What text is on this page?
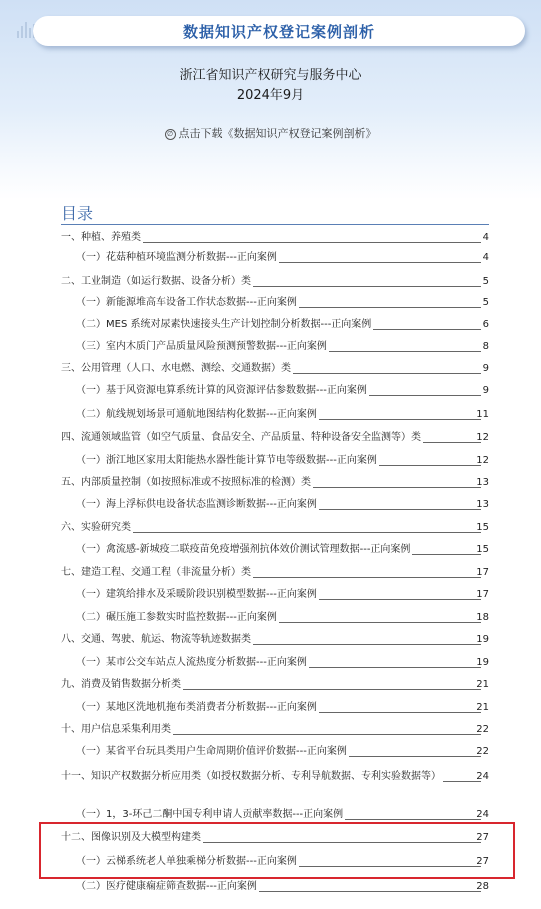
数据知识产权登记案例剖析
浙江省知识产权研究与服务中心
2024年9月
∅ 点击下载《数据知识产权登记案例剖析》
目录
一、种植、养殖类	4
（一）花菇种植环境监测分析数据---正向案例	4
二、工业制造（如运行数据、设备分析）类	5
（一）新能源堆高车设备工作状态数据---正向案例	5
（二）MES 系统对尿素快速接头生产计划控制分析数据---正向案例	6
（三）室内木质门产品质量风险预测预警数据---正向案例	8
三、公用管理（人口、水电燃、测绘、交通数据）类	9
（一）基于风资源电算系统计算的风资源评估参数数据---正向案例	9
（二）航线规划场景可通航地图结构化数据---正向案例	11
四、流通领域监管（如空气质量、食品安全、产品质量、特种设备安全监测等）类	12
（一）浙江地区家用太阳能热水器性能计算节电等级数据---正向案例	12
五、内部质量控制（如按照标准或不按照标准的检测）类	13
（一）海上浮标供电设备状态监测诊断数据---正向案例	13
六、实验研究类	15
（一）禽流感-新城疫二联疫苗免疫增强剂抗体效价测试管理数据---正向案例	15
七、建造工程、交通工程（非流量分析）类	17
（一）建筑给排水及采暖阶段识别模型数据---正向案例	17
（二）碾压施工参数实时监控数据---正向案例	18
八、交通、驾驶、航运、物流等轨迹数据类	19
（一）某市公交车站点人流热度分析数据---正向案例	19
九、消费及销售数据分析类	21
（一）某地区洗地机拖布类消费者分析数据---正向案例	21
十、用户信息采集利用类	22
（一）某省平台玩具类用户生命周期价值评价数据---正向案例	22
十一、知识产权数据分析应用类（如授权数据分析、专利导航数据、专利实验数据等）	24
（一）1，3-环己二酮中国专利申请人贡献率数据---正向案例	24
十二、图像识别及大模型构建类	27
（一）云梯系统老人单独乘梯分析数据---正向案例	27
（二）医疗健康痫症筛查数据---正向案例	28
